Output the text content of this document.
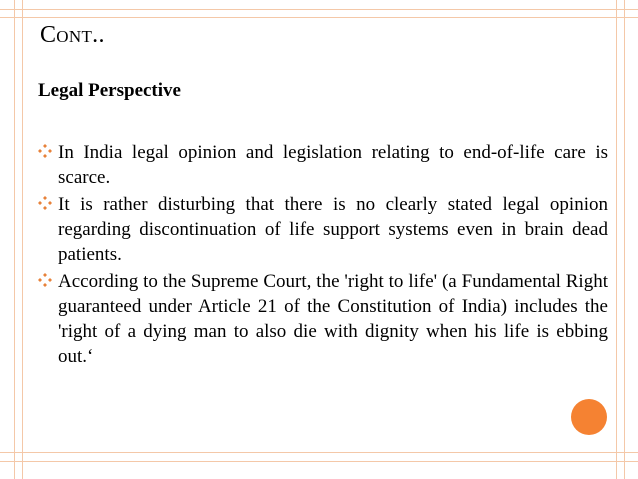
Cont..
Legal Perspective
In India legal opinion and legislation relating to end-of-life care is scarce.
It is rather disturbing that there is no clearly stated legal opinion regarding discontinuation of life support systems even in brain dead patients.
According to the Supreme Court, the 'right to life' (a Fundamental Right guaranteed under Article 21 of the Constitution of India) includes the 'right of a dying man to also die with dignity when his life is ebbing out.‘
